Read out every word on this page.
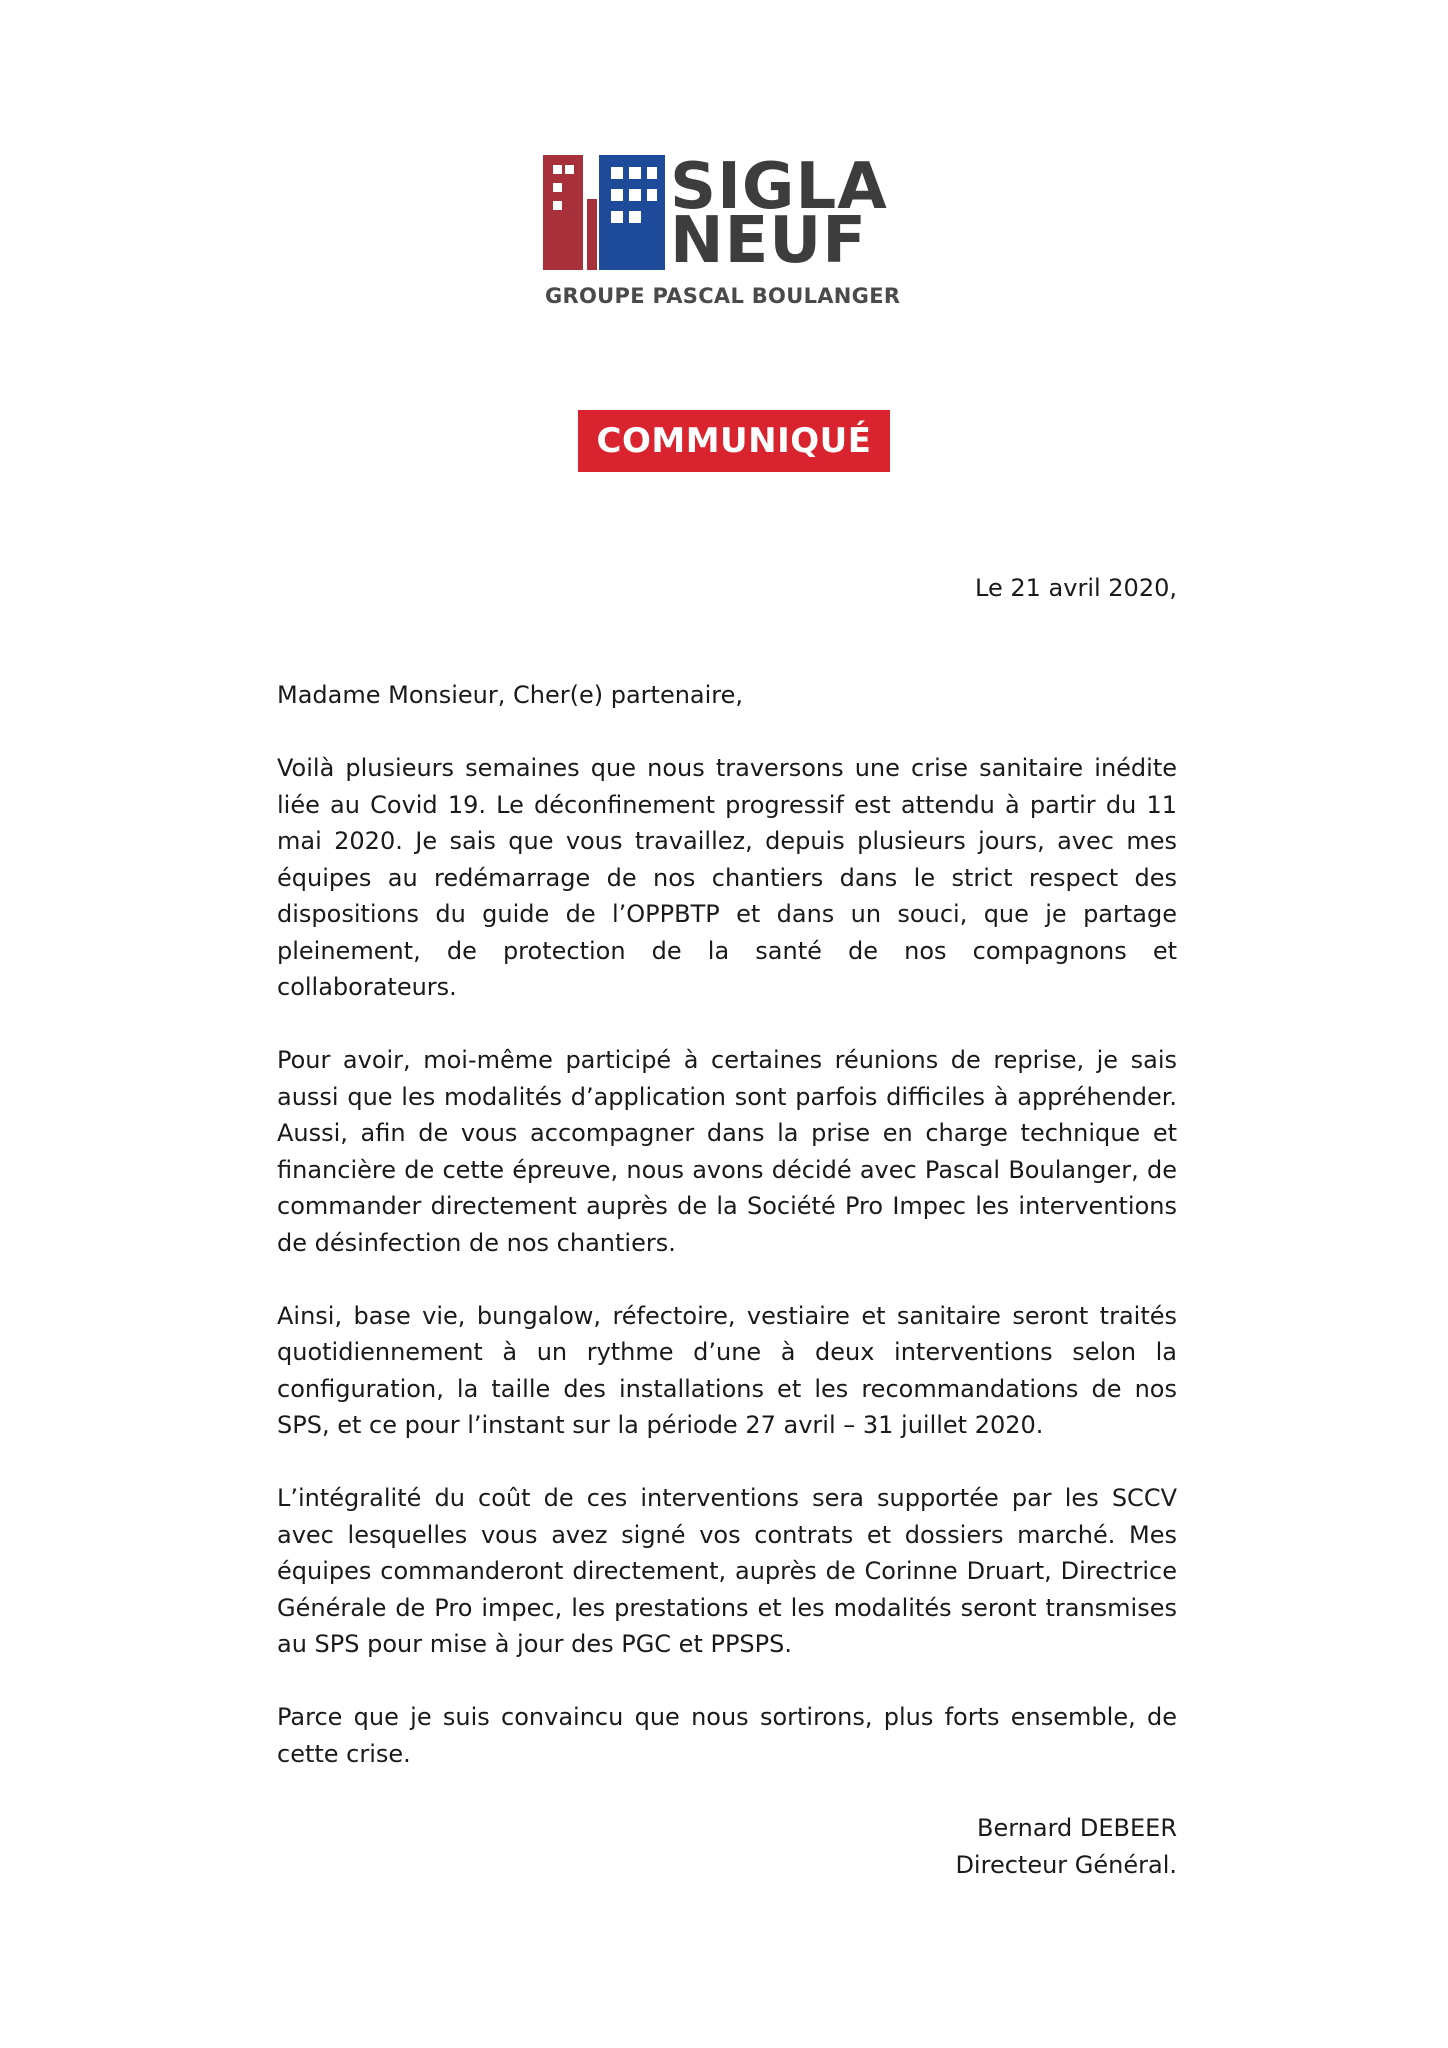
SIGLA
NEUF
GROUPE PASCAL BOULANGER
COMMUNIQUÉ
Le 21 avril 2020,

Madame Monsieur, Cher(e) partenaire,

Voilà plusieurs semaines que nous traversons une crise sanitaire inédite liée au Covid 19. Le déconfinement progressif est attendu à partir du 11 mai 2020. Je sais que vous travaillez, depuis plusieurs jours, avec mes équipes au redémarrage de nos chantiers dans le strict respect des dispositions du guide de l’OPPBTP et dans un souci, que je partage pleinement, de protection de la santé de nos compagnons et collaborateurs.

Pour avoir, moi-même participé à certaines réunions de reprise, je sais aussi que les modalités d’application sont parfois difficiles à appréhender. Aussi, afin de vous accompagner dans la prise en charge technique et financière de cette épreuve, nous avons décidé avec Pascal Boulanger, de commander directement auprès de la Société Pro Impec les interventions de désinfection de nos chantiers.

Ainsi, base vie, bungalow, réfectoire, vestiaire et sanitaire seront traités quotidiennement à un rythme d’une à deux interventions selon la configuration, la taille des installations et les recommandations de nos SPS, et ce pour l’instant sur la période 27 avril – 31 juillet 2020.

L’intégralité du coût de ces interventions sera supportée par les SCCV avec lesquelles vous avez signé vos contrats et dossiers marché. Mes équipes commanderont directement, auprès de Corinne Druart, Directrice Générale de Pro impec, les prestations et les modalités seront transmises au SPS pour mise à jour des PGC et PPSPS.

Parce que je suis convaincu que nous sortirons, plus forts ensemble, de cette crise.

Bernard DEBEER
Directeur Général.
